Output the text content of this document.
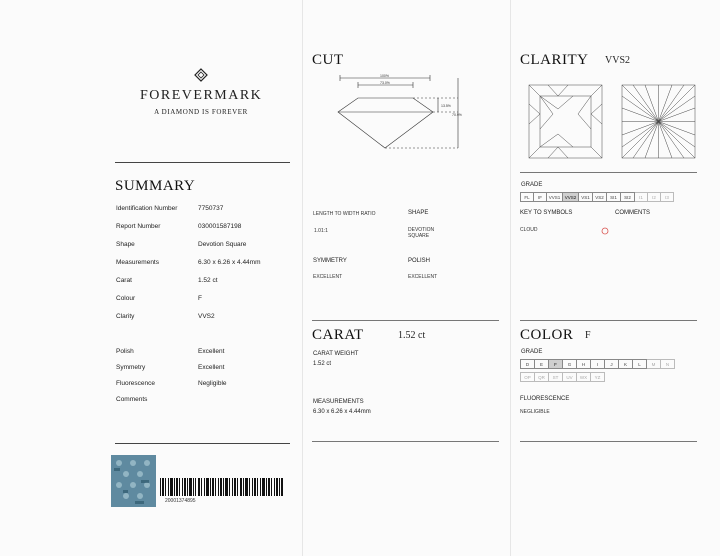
FOREVERMARK
A DIAMOND IS FOREVER
SUMMARY
Identification Number	7750737
Report Number	030001587198
Shape	Devotion Square
Measurements	6.30 x 6.26 x 4.44mm
Carat	1.52 ct
Colour	F
Clarity	VVS2
Polish	Excellent
Symmetry	Excellent
Fluorescence	Negligible
Comments
20001374895
CUT
100%
73.0%
13.5%
70.9%
LENGTH TO WIDTH RATIO
1.01:1
SHAPE
DEVOTION
SQUARE
SYMMETRY
EXCELLENT
POLISH
EXCELLENT
CARAT	1.52 ct
CARAT WEIGHT
1.52 ct
MEASUREMENTS
6.30 x 6.26 x 4.44mm
CLARITY VVS2
GRADE
FL	IF	VVS1	VVS2	VS1	VS2	SI1	SI2	I1	I2	I3
KEY TO SYMBOLS	COMMENTS
CLOUD
COLOR F
GRADE
D	E	F	G	H	I	J	K	L	M	N
OP	QR	ST	UV	WX	YZ
FLUORESCENCE
NEGLIGIBLE
